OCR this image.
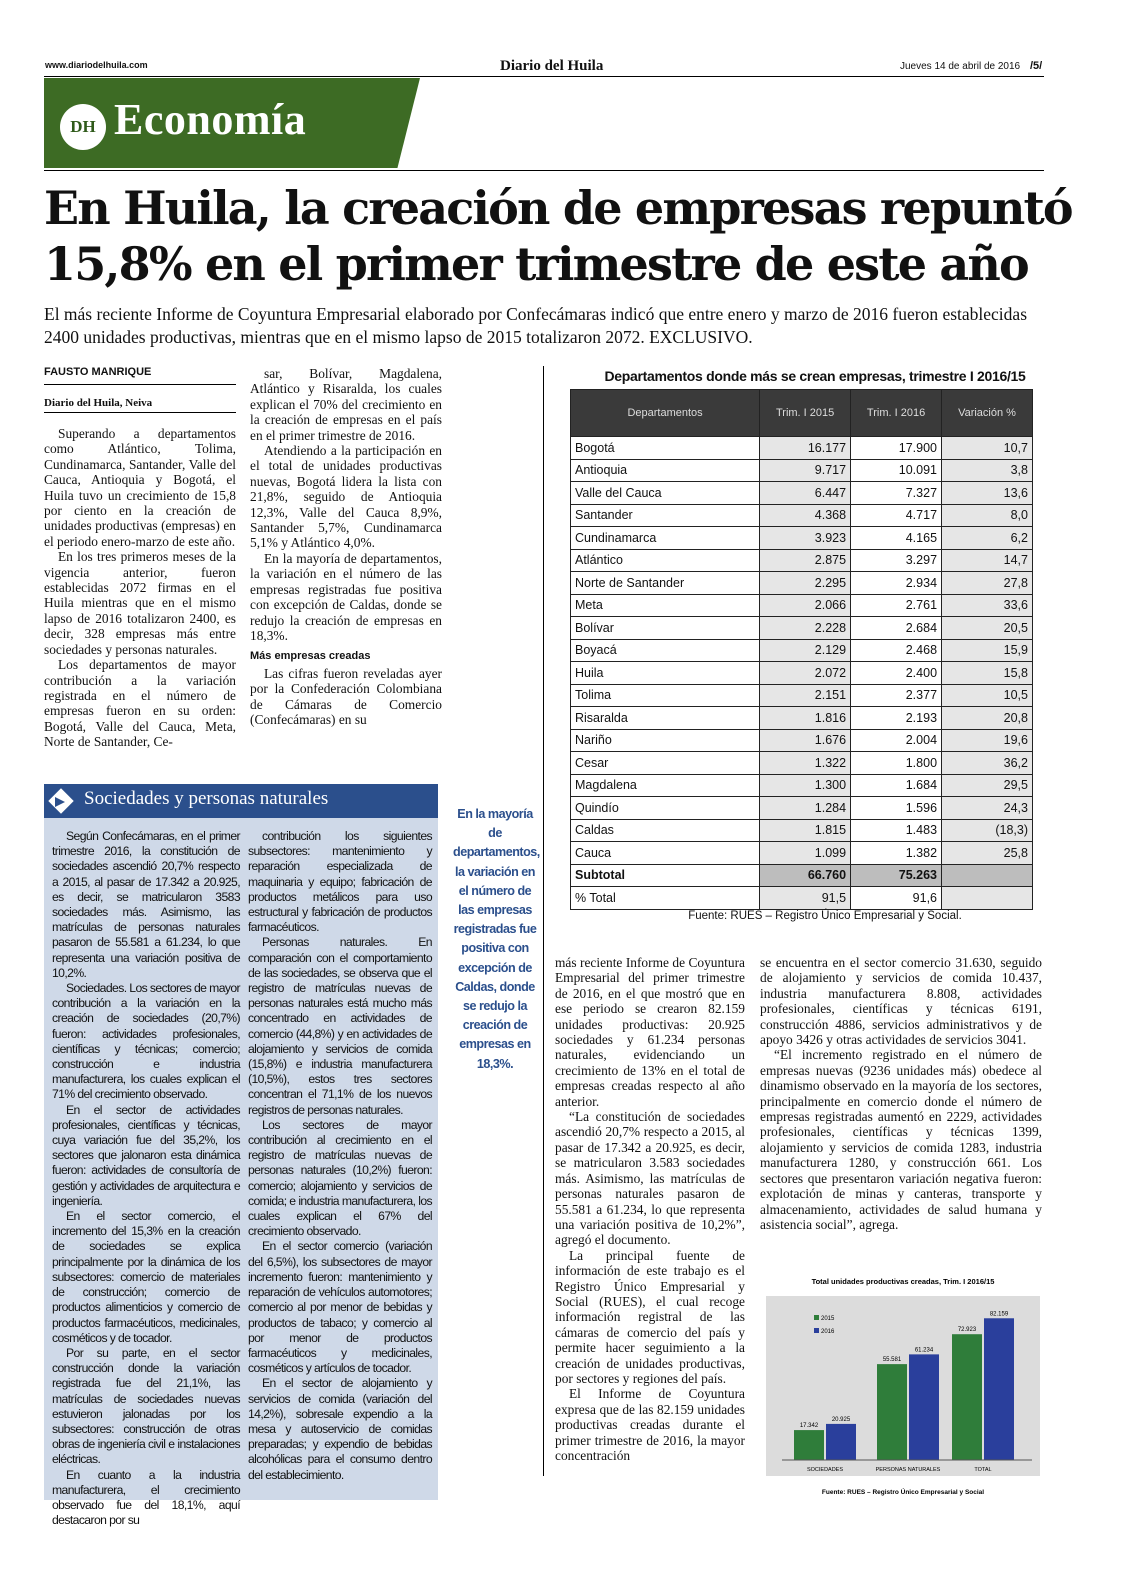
www.diariodelhuila.com	Diario del Huila	Jueves 14 de abril de 2016 /5/
DH Economía
En Huila, la creación de empresas repuntó 15,8% en el primer trimestre de este año
El más reciente Informe de Coyuntura Empresarial elaborado por Confecámaras indicó que entre enero y marzo de 2016 fueron establecidas 2400 unidades productivas, mientras que en el mismo lapso de 2015 totalizaron 2072. EXCLUSIVO.
FAUSTO MANRIQUE
Diario del Huila, Neiva

Superando a departamentos como Atlántico, Tolima, Cundinamarca, Santander, Valle del Cauca, Antioquia y Bogotá, el Huila tuvo un crecimiento de 15,8 por ciento en la creación de unidades productivas (empresas) en el periodo enero-marzo de este año.

En los tres primeros meses de la vigencia anterior, fueron establecidas 2072 firmas en el Huila mientras que en el mismo lapso de 2016 totalizaron 2400, es decir, 328 empresas más entre sociedades y personas naturales.

Los departamentos de mayor contribución a la variación registrada en el número de empresas fueron en su orden: Bogotá, Valle del Cauca, Meta, Norte de Santander, Ce-

sar, Bolívar, Magdalena, Atlántico y Risaralda, los cuales explican el 70% del crecimiento en la creación de empresas en el país en el primer trimestre de 2016.

Atendiendo a la participación en el total de unidades productivas nuevas, Bogotá lidera la lista con 21,8%, seguido de Antioquia 12,3%, Valle del Cauca 8,9%, Santander 5,7%, Cundinamarca 5,1% y Atlántico 4,0%.

En la mayoría de departamentos, la variación en el número de las empresas registradas fue positiva con excepción de Caldas, donde se redujo la creación de empresas en 18,3%.

Más empresas creadas

Las cifras fueron reveladas ayer por la Confederación Colombiana de Cámaras de Comercio (Confecámaras) en su

Sociedades y personas naturales

Según Confecámaras, en el primer trimestre 2016, la constitución de sociedades ascendió 20,7% respecto a 2015, al pasar de 17.342 a 20.925, es decir, se matricularon 3583 sociedades más. Asimismo, las matrículas de personas naturales pasaron de 55.581 a 61.234, lo que representa una variación positiva de 10,2%.

Sociedades. Los sectores de mayor contribución a la variación en la creación de sociedades (20,7%) fueron: actividades profesionales, científicas y técnicas; comercio; construcción e industria manufacturera, los cuales explican el 71% del crecimiento observado.

En el sector de actividades profesionales, científicas y técnicas, cuya variación fue del 35,2%, los sectores que jalonaron esta dinámica fueron: actividades de consultoría de gestión y actividades de arquitectura e ingeniería.

En el sector comercio, el incremento del 15,3% en la creación de sociedades se explica principalmente por la dinámica de los subsectores: comercio de materiales de construcción; comercio de productos alimenticios y comercio de productos farmacéuticos, medicinales, cosméticos y de tocador.

Por su parte, en el sector construcción donde la variación registrada fue del 21,1%, las matrículas de sociedades nuevas estuvieron jalonadas por los subsectores: construcción de otras obras de ingeniería civil e instalaciones eléctricas.

En cuanto a la industria manufacturera, el crecimiento observado fue del 18,1%, aquí destacaron por su

contribución los siguientes subsectores: mantenimiento y reparación especializada de maquinaria y equipo; fabricación de productos metálicos para uso estructural y fabricación de productos farmacéuticos.

Personas naturales. En comparación con el comportamiento de las sociedades, se observa que el registro de matrículas nuevas de personas naturales está mucho más concentrado en actividades de comercio (44,8%) y en actividades de alojamiento y servicios de comida (15,8%) e industria manufacturera (10,5%), estos tres sectores concentran el 71,1% de los nuevos registros de personas naturales.

Los sectores de mayor contribución al crecimiento en el registro de matrículas nuevas de personas naturales (10,2%) fueron: comercio; alojamiento y servicios de comida; e industria manufacturera, los cuales explican el 67% del crecimiento observado.

En el sector comercio (variación del 6,5%), los subsectores de mayor incremento fueron: mantenimiento y reparación de vehículos automotores; comercio al por menor de bebidas y productos de tabaco; y comercio al por menor de productos farmacéuticos y medicinales, cosméticos y artículos de tocador.

En el sector de alojamiento y servicios de comida (variación del 14,2%), sobresale expendio a la mesa y autoservicio de comidas preparadas; y expendio de bebidas alcohólicas para el consumo dentro del establecimiento.

En la mayoría de departamentos, la variación en el número de las empresas registradas fue positiva con excepción de Caldas, donde se redujo la creación de empresas en 18,3%.
Departamentos donde más se crean empresas, trimestre I 2016/15
Departamentos	Trim. I 2015	Trim. I 2016	Variación %
Bogotá	16.177	17.900	10,7
Antioquia	9.717	10.091	3,8
Valle del Cauca	6.447	7.327	13,6
Santander	4.368	4.717	8,0
Cundinamarca	3.923	4.165	6,2
Atlántico	2.875	3.297	14,7
Norte de Santander	2.295	2.934	27,8
Meta	2.066	2.761	33,6
Bolívar	2.228	2.684	20,5
Boyacá	2.129	2.468	15,9
Huila	2.072	2.400	15,8
Tolima	2.151	2.377	10,5
Risaralda	1.816	2.193	20,8
Nariño	1.676	2.004	19,6
Cesar	1.322	1.800	36,2
Magdalena	1.300	1.684	29,5
Quindío	1.284	1.596	24,3
Caldas	1.815	1.483	(18,3)
Cauca	1.099	1.382	25,8
Subtotal	66.760	75.263	
% Total	91,5	91,6	
Fuente: RUES – Registro Único Empresarial y Social.

más reciente Informe de Coyuntura Empresarial del primer trimestre de 2016, en el que mostró que en ese periodo se crearon 82.159 unidades productivas: 20.925 sociedades y 61.234 personas naturales, evidenciando un crecimiento de 13% en el total de empresas creadas respecto al año anterior.

“La constitución de sociedades ascendió 20,7% respecto a 2015, al pasar de 17.342 a 20.925, es decir, se matricularon 3.583 sociedades más. Asimismo, las matrículas de personas naturales pasaron de 55.581 a 61.234, lo que representa una variación positiva de 10,2%”, agregó el documento.

La principal fuente de información de este trabajo es el Registro Único Empresarial y Social (RUES), el cual recoge información registral de las cámaras de comercio del país y permite hacer seguimiento a la creación de unidades productivas, por sectores y regiones del país.

El Informe de Coyuntura expresa que de las 82.159 unidades productivas creadas durante el primer trimestre de 2016, la mayor concentración

se encuentra en el sector comercio 31.630, seguido de alojamiento y servicios de comida 10.437, industria manufacturera 8.808, actividades profesionales, científicas y técnicas 6191, construcción 4886, servicios administrativos y de apoyo 3426 y otras actividades de servicios 3041.

“El incremento registrado en el número de empresas nuevas (9236 unidades más) obedece al dinamismo observado en la mayoría de los sectores, principalmente en comercio donde el número de empresas registradas aumentó en 2229, actividades profesionales, científicas y técnicas 1399, alojamiento y servicios de comida 1283, industria manufacturera 1280, y construcción 661. Los sectores que presentaron variación negativa fueron: explotación de minas y canteras, transporte y almacenamiento, actividades de salud humana y asistencia social”, agrega.

Total unidades productivas creadas, Trim. I 2016/15
17.342
20.925
SOCIEDADES
55.581
61.234
PERSONAS NATURALES
72.923
82.159
TOTAL
2015
2016
Fuente: RUES – Registro Único Empresarial y Social
